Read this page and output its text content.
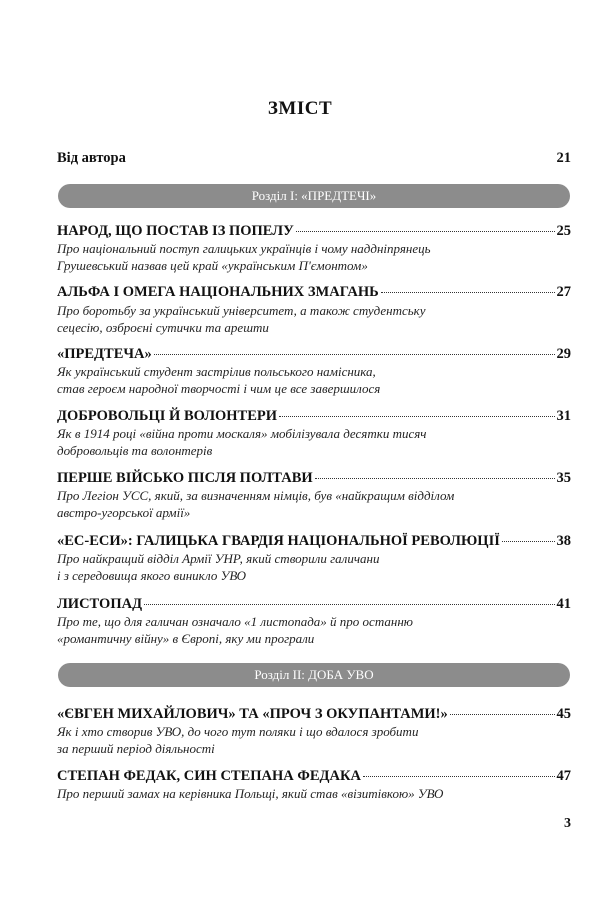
ЗМІСТ
Від автора	21
Розділ I: «ПРЕДТЕЧІ»
НАРОД, ЩО ПОСТАВ ІЗ ПОПЕЛУ	25
Про національний поступ галицьких українців і чому наддніпрянець
Грушевський назвав цей край «українським П'ємонтом»
АЛЬФА І ОМЕГА НАЦІОНАЛЬНИХ ЗМАГАНЬ	27
Про боротьбу за український університет, а також студентську
сецесію, озброєні сутички та арешти
«ПРЕДТЕЧА»	29
Як український студент застрілив польського намісника,
став героєм народної творчості і чим це все завершилося
ДОБРОВОЛЬЦІ Й ВОЛОНТЕРИ	31
Як в 1914 році «війна проти москаля» мобілізувала десятки тисяч
добровольців та волонтерів
ПЕРШЕ ВІЙСЬКО ПІСЛЯ ПОЛТАВИ	35
Про Легіон УСС, який, за визначенням німців, був «найкращим відділом
австро-угорської армії»
«ЕС-ЕСИ»: ГАЛИЦЬКА ГВАРДІЯ НАЦІОНАЛЬНОЇ РЕВОЛЮЦІЇ	38
Про найкращий відділ Армії УНР, який створили галичани
і з середовища якого виникло УВО
ЛИСТОПАД	41
Про те, що для галичан означало «1 листопада» й про останню
«романтичну війну» в Європі, яку ми програли
Розділ II: ДОБА УВО
«ЄВГЕН МИХАЙЛОВИЧ» ТА «ПРОЧ З ОКУПАНТАМИ!»	45
Як і хто створив УВО, до чого тут поляки і що вдалося зробити
за перший період діяльності
СТЕПАН ФЕДАК, СИН СТЕПАНА ФЕДАКА	47
Про перший замах на керівника Польщі, який став «візитівкою» УВО
3
